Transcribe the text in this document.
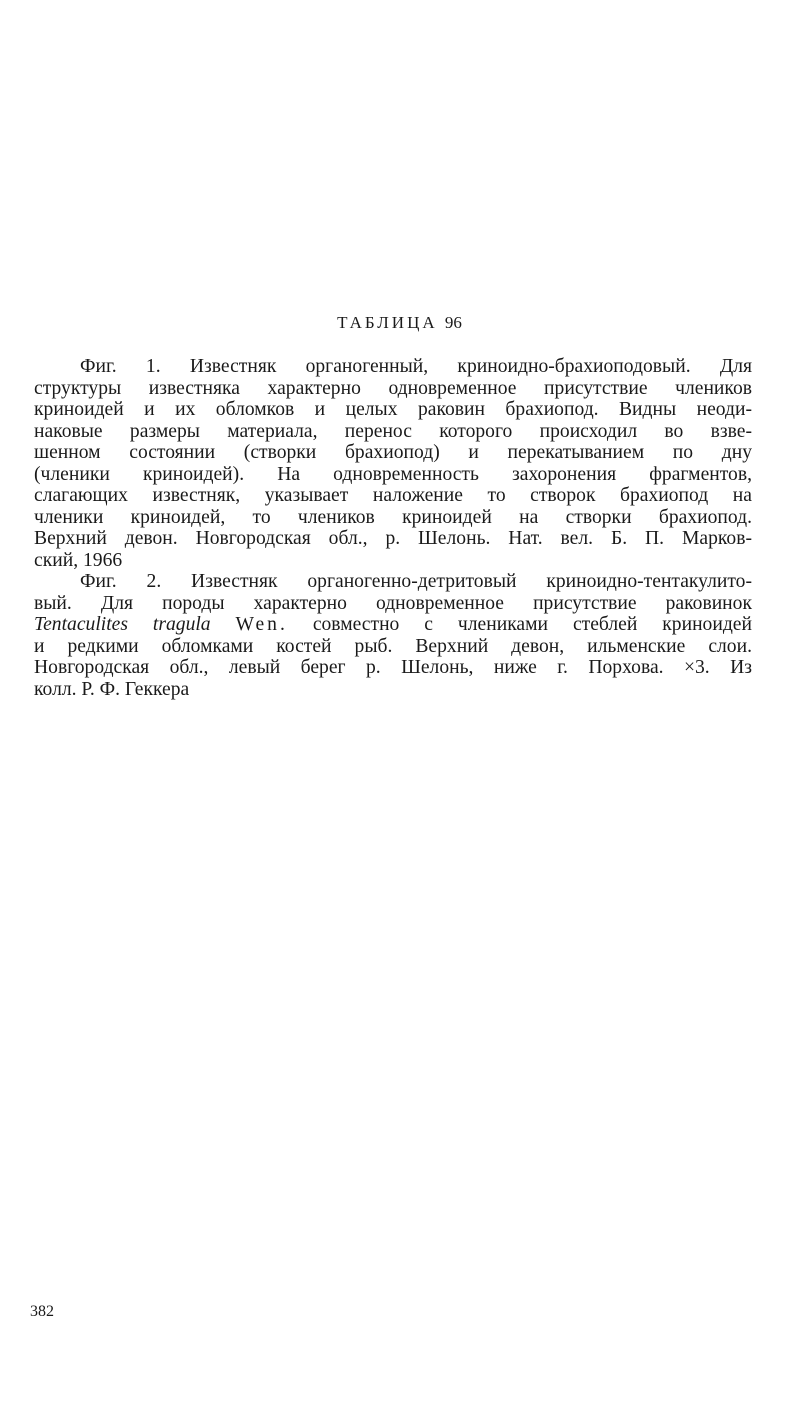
ТАБЛИЦА 96
Фиг. 1. Известняк органогенный, криноидно-брахиоподовый. Для
структуры известняка характерно одновременное присутствие члеников
криноидей и их обломков и целых раковин брахиопод. Видны неоди-
наковые размеры материала, перенос которого происходил во взве-
шенном состоянии (створки брахиопод) и перекатыванием по дну
(членики криноидей). На одновременность захоронения фрагментов,
слагающих известняк, указывает наложение то створок брахиопод на
членики криноидей, то члеников криноидей на створки брахиопод.
Верхний девон. Новгородская обл., р. Шелонь. Нат. вел. Б. П. Марков-
ский, 1966
Фиг. 2. Известняк органогенно-детритовый криноидно-тентакулито-
вый. Для породы характерно одновременное присутствие раковинок
Tentaculites tragula Wen. совместно с члениками стеблей криноидей
и редкими обломками костей рыб. Верхний девон, ильменские слои.
Новгородская обл., левый берег р. Шелонь, ниже г. Порхова. ×3. Из
колл. Р. Ф. Геккера
382
